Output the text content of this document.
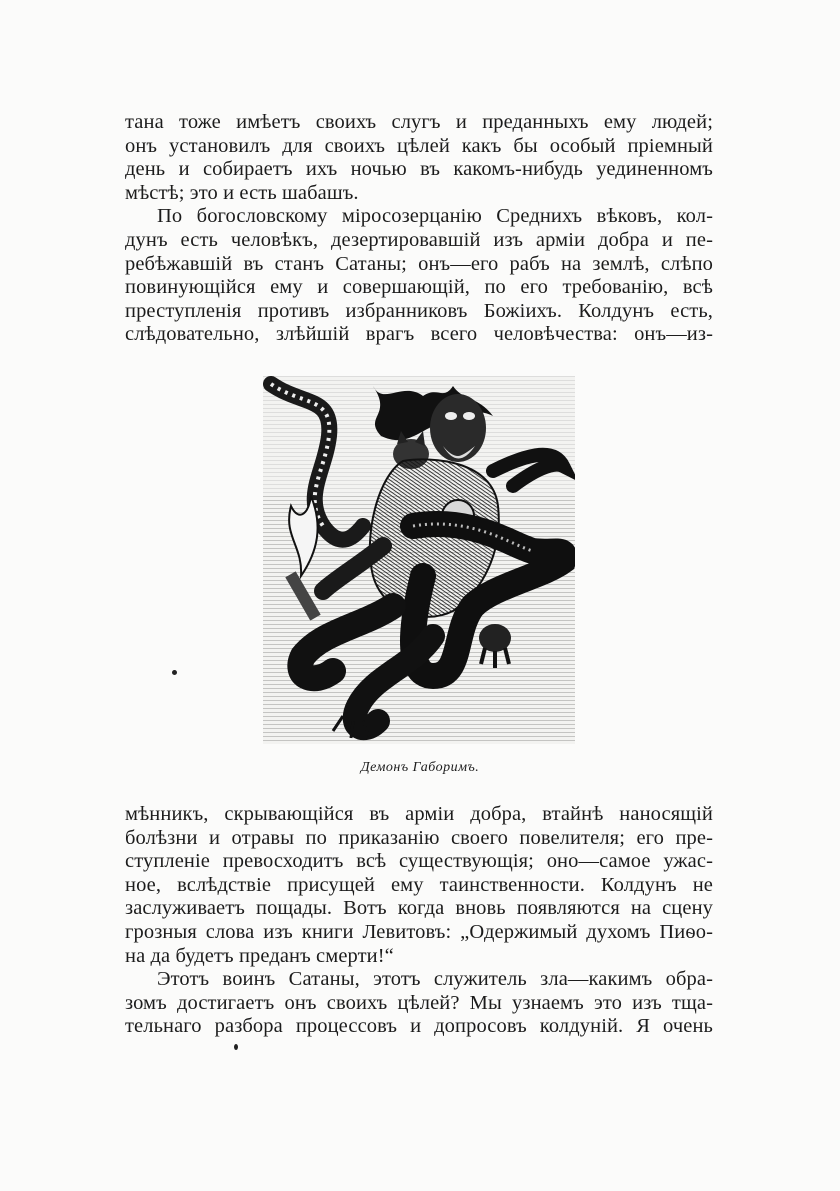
тана тоже имѣетъ своихъ слугъ и преданныхъ ему людей;
онъ установилъ для своихъ цѣлей какъ бы особый пріемный
день и собираетъ ихъ ночью въ какомъ-нибудь уединенномъ
мѣстѣ; это и есть шабашъ.
По богословскому міросозерцанію Среднихъ вѣковъ, кол-
дунъ есть человѣкъ, дезертировавшій изъ арміи добра и пе-
ребѣжавшій въ станъ Сатаны; онъ—его рабъ на землѣ, слѣпо
повинующійся ему и совершающій, по его требованію, всѣ
преступленія противъ избранниковъ Божіихъ. Колдунъ есть,
слѣдовательно, злѣйшій врагъ всего человѣчества: онъ—из-
Демонъ Габоримъ.
мѣнникъ, скрывающійся въ арміи добра, втайнѣ наносящій
болѣзни и отравы по приказанію своего повелителя; его пре-
ступленіе превосходитъ всѣ существующія; оно—самое ужас-
ное, вслѣдствіе присущей ему таинственности. Колдунъ не
заслуживаетъ пощады. Вотъ когда вновь появляются на сцену
грозныя слова изъ книги Левитовъ: „Одержимый духомъ Пиѳо-
на да будетъ преданъ смерти!“
Этотъ воинъ Сатаны, этотъ служитель зла—какимъ обра-
зомъ достигаетъ онъ своихъ цѣлей? Мы узнаемъ это изъ тща-
тельнаго разбора процессовъ и допросовъ колдуній. Я очень
